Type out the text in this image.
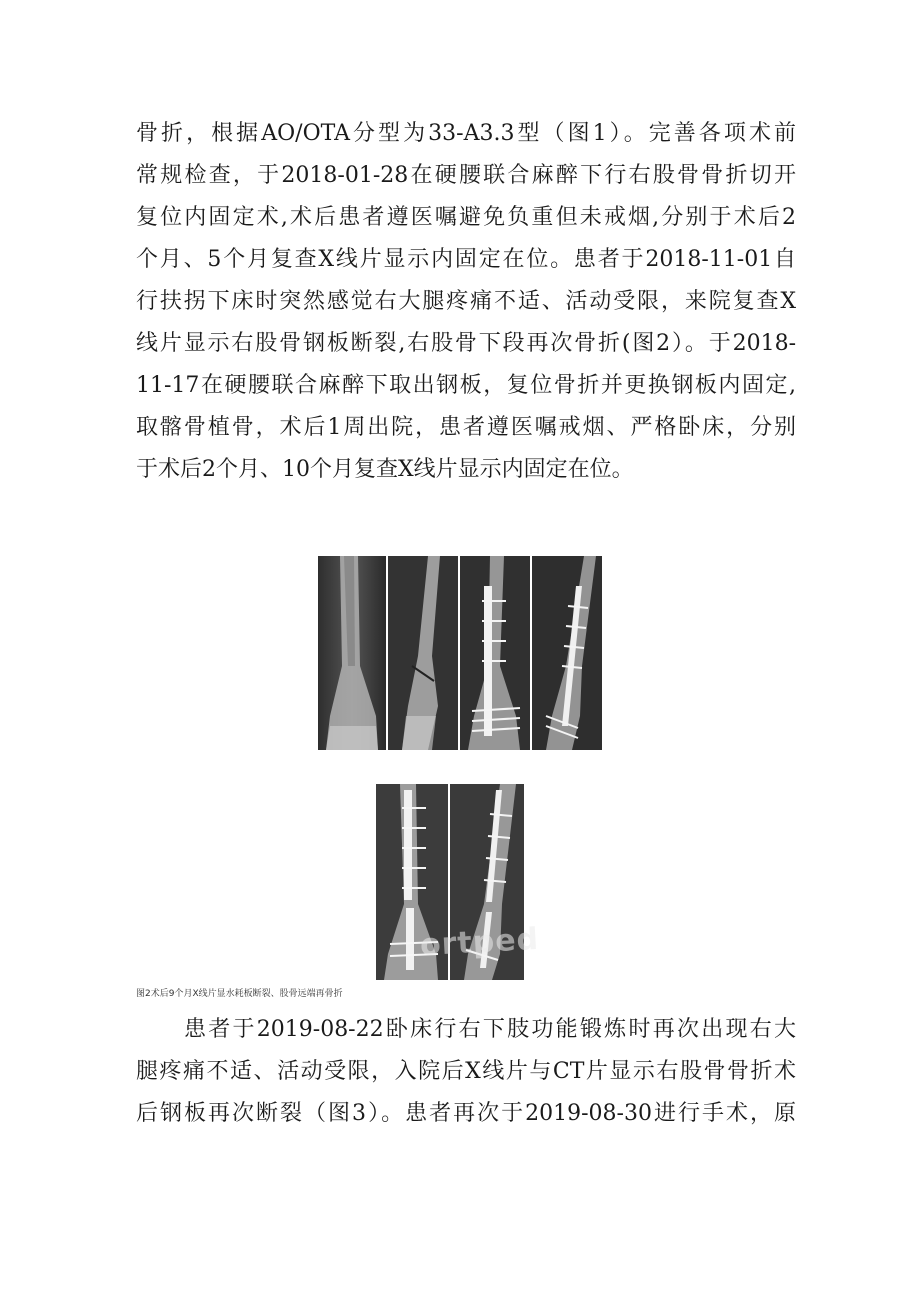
骨折，根据AO/OTA分型为33-A3.3型（图1）。完善各项术前
常规检查，于2018-01-28在硬腰联合麻醉下行右股骨骨折切开
复位内固定术,术后患者遵医嘱避免负重但未戒烟,分别于术后2
个月、5个月复查X线片显示内固定在位。患者于2018-11-01自
行扶拐下床时突然感觉右大腿疼痛不适、活动受限，来院复查X
线片显示右股骨钢板断裂,右股骨下段再次骨折(图2）。于2018-
11-17在硬腰联合麻醉下取出钢板，复位骨折并更换钢板内固定,
取髂骨植骨，术后1周出院，患者遵医嘱戒烟、严格卧床，分别
于术后2个月、10个月复查X线片显示内固定在位。
ortped
图2术后9个月X线片显水耗板断裂、股骨远端再骨折
患者于2019-08-22卧床行右下肢功能锻炼时再次出现右大
腿疼痛不适、活动受限，入院后X线片与CT片显示右股骨骨折术
后钢板再次断裂（图3）。患者再次于2019-08-30进行手术，原
